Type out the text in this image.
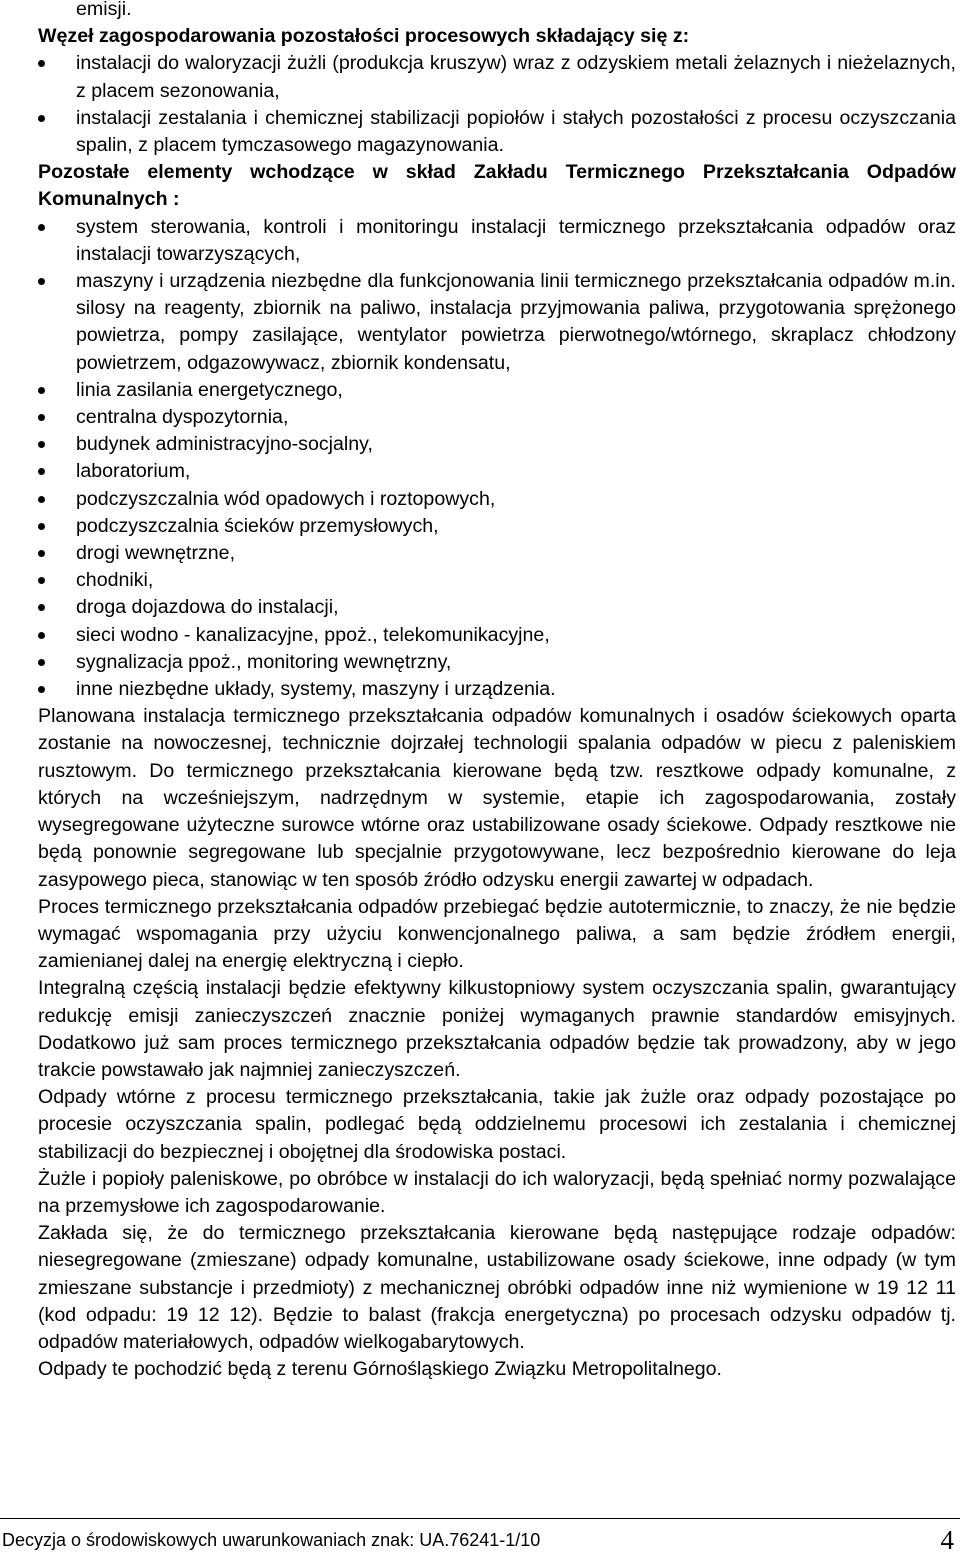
emisji.

Węzeł zagospodarowania pozostałości procesowych składający się z:

instalacji do waloryzacji żużli (produkcja kruszyw) wraz z odzyskiem metali żelaznych i nieżelaznych, z placem sezonowania,
instalacji zestalania i chemicznej stabilizacji popiołów i stałych pozostałości z procesu oczyszczania spalin, z placem tymczasowego magazynowania.

Pozostałe elementy wchodzące w skład Zakładu Termicznego Przekształcania Odpadów Komunalnych :

system sterowania, kontroli i monitoringu instalacji termicznego przekształcania odpadów oraz instalacji towarzyszących,
maszyny i urządzenia niezbędne dla funkcjonowania linii termicznego przekształcania odpadów m.in. silosy na reagenty, zbiornik na paliwo, instalacja przyjmowania paliwa, przygotowania sprężonego powietrza, pompy zasilające, wentylator powietrza pierwotnego/wtórnego, skraplacz chłodzony powietrzem, odgazowywacz, zbiornik kondensatu,
linia zasilania energetycznego,
centralna dyspozytornia,
budynek administracyjno-socjalny,
laboratorium,
podczyszczalnia wód opadowych i roztopowych,
podczyszczalnia ścieków przemysłowych,
drogi wewnętrzne,
chodniki,
droga dojazdowa do instalacji,
sieci wodno - kanalizacyjne, ppoż., telekomunikacyjne,
sygnalizacja ppoż., monitoring wewnętrzny,
inne niezbędne układy, systemy, maszyny i urządzenia.

Planowana instalacja termicznego przekształcania odpadów komunalnych i osadów ściekowych oparta zostanie na nowoczesnej, technicznie dojrzałej technologii spalania odpadów w piecu z paleniskiem rusztowym. Do termicznego przekształcania kierowane będą tzw. resztkowe odpady komunalne, z których na wcześniejszym, nadrzędnym w systemie, etapie ich zagospodarowania, zostały wysegregowane użyteczne surowce wtórne oraz ustabilizowane osady ściekowe. Odpady resztkowe nie będą ponownie segregowane lub specjalnie przygotowywane, lecz bezpośrednio kierowane do leja zasypowego pieca, stanowiąc w ten sposób źródło odzysku energii zawartej w odpadach.

Proces termicznego przekształcania odpadów przebiegać będzie autotermicznie, to znaczy, że nie będzie wymagać wspomagania przy użyciu konwencjonalnego paliwa, a sam będzie źródłem energii, zamienianej dalej na energię elektryczną i ciepło.

Integralną częścią instalacji będzie efektywny kilkustopniowy system oczyszczania spalin, gwarantujący redukcję emisji zanieczyszczeń znacznie poniżej wymaganych prawnie standardów emisyjnych. Dodatkowo już sam proces termicznego przekształcania odpadów będzie tak prowadzony, aby w jego trakcie powstawało jak najmniej zanieczyszczeń.

Odpady wtórne z procesu termicznego przekształcania, takie jak żużle oraz odpady pozostające po procesie oczyszczania spalin, podlegać będą oddzielnemu procesowi ich zestalania i chemicznej stabilizacji do bezpiecznej i obojętnej dla środowiska postaci.

Żużle i popioły paleniskowe, po obróbce w instalacji do ich waloryzacji, będą spełniać normy pozwalające na przemysłowe ich zagospodarowanie.

Zakłada się, że do termicznego przekształcania kierowane będą następujące rodzaje odpadów: niesegregowane (zmieszane) odpady komunalne, ustabilizowane osady ściekowe, inne odpady (w tym zmieszane substancje i przedmioty) z mechanicznej obróbki odpadów inne niż wymienione w 19 12 11 (kod odpadu: 19 12 12). Będzie to balast (frakcja energetyczna) po procesach odzysku odpadów tj. odpadów materiałowych, odpadów wielkogabarytowych.

Odpady te pochodzić będą z terenu Górnośląskiego Związku Metropolitalnego.

Decyzja o środowiskowych uwarunkowaniach znak: UA.76241-1/10	4
